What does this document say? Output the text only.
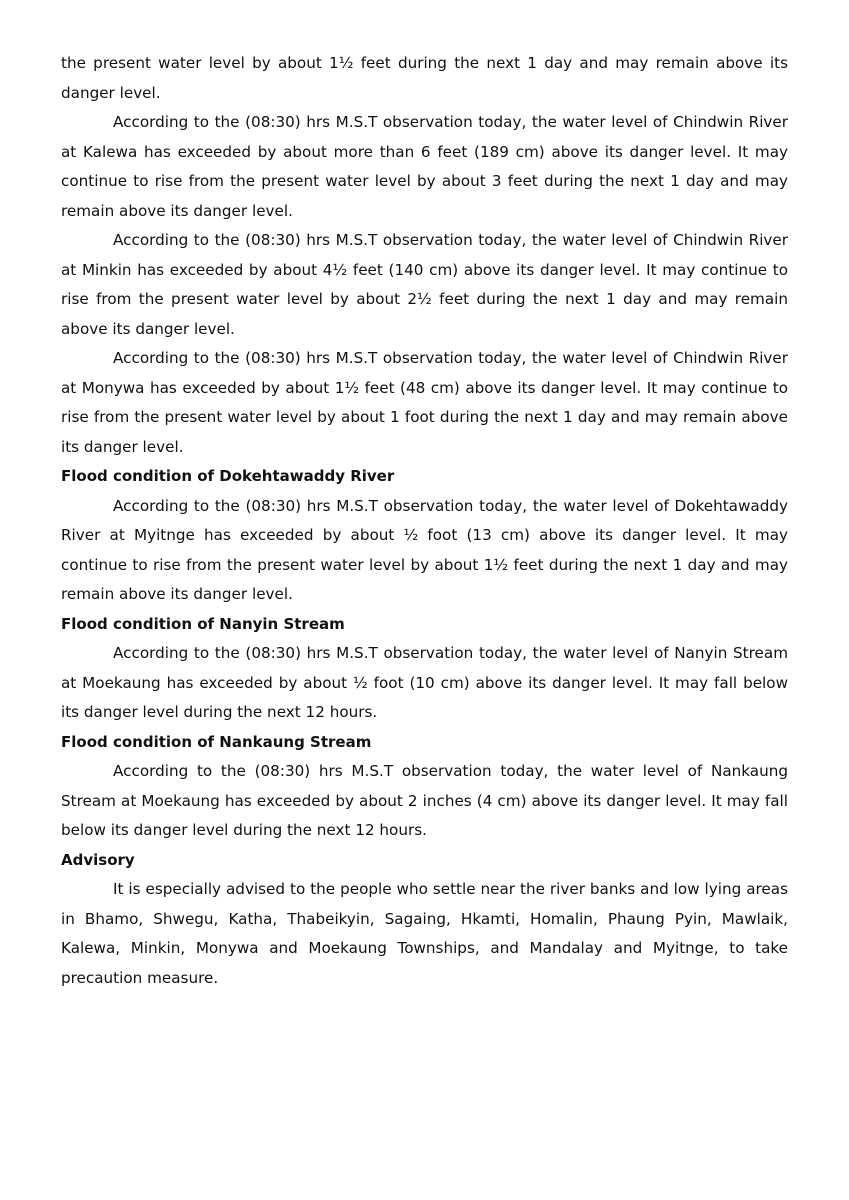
the present water level by about 1½ feet during the next 1 day and may remain above its danger level.

According to the (08:30) hrs M.S.T observation today, the water level of Chindwin River at Kalewa has exceeded by about more than 6 feet (189 cm) above its danger level. It may continue to rise from the present water level by about 3 feet during the next 1 day and may remain above its danger level.

According to the (08:30) hrs M.S.T observation today, the water level of Chindwin River at Minkin has exceeded by about 4½ feet (140 cm) above its danger level. It may continue to rise from the present water level by about 2½ feet during the next 1 day and may remain above its danger level.

According to the (08:30) hrs M.S.T observation today, the water level of Chindwin River at Monywa has exceeded by about 1½ feet (48 cm) above its danger level. It may continue to rise from the present water level by about 1 foot during the next 1 day and may remain above its danger level.

Flood condition of Dokehtawaddy River

According to the (08:30) hrs M.S.T observation today, the water level of Dokehtawaddy River at Myitnge has exceeded by about ½ foot (13 cm) above its danger level. It may continue to rise from the present water level by about 1½ feet during the next 1 day and may remain above its danger level.

Flood condition of Nanyin Stream

According to the (08:30) hrs M.S.T observation today, the water level of Nanyin Stream at Moekaung has exceeded by about ½ foot (10 cm) above its danger level. It may fall below its danger level during the next 12 hours.

Flood condition of Nankaung Stream

According to the (08:30) hrs M.S.T observation today, the water level of Nankaung Stream at Moekaung has exceeded by about 2 inches (4 cm) above its danger level. It may fall below its danger level during the next 12 hours.

Advisory

It is especially advised to the people who settle near the river banks and low lying areas in Bhamo, Shwegu, Katha, Thabeikyin, Sagaing, Hkamti, Homalin, Phaung Pyin, Mawlaik, Kalewa, Minkin, Monywa and Moekaung Townships, and Mandalay and Myitnge, to take precaution measure.
